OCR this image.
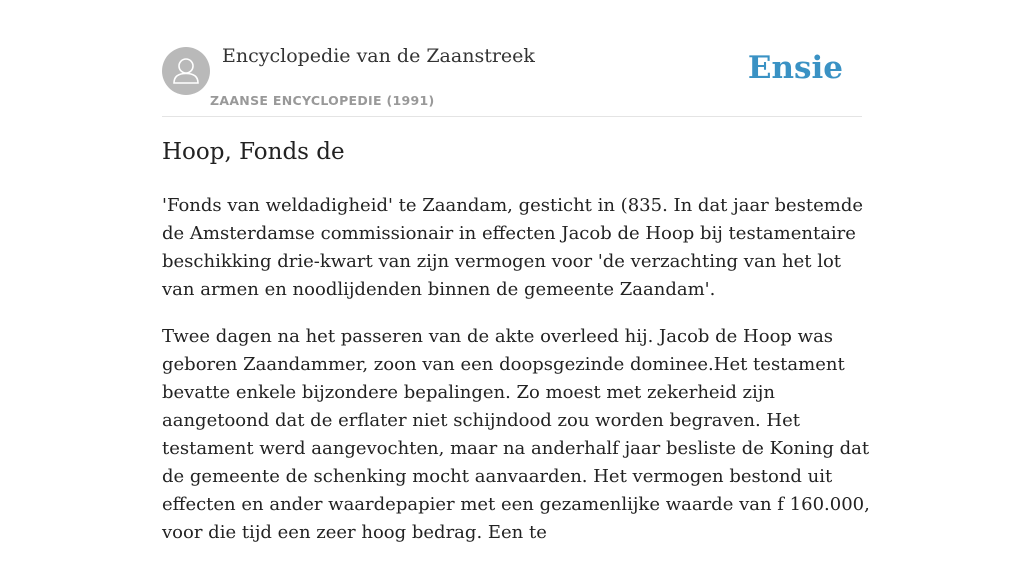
Encyclopedie van de Zaanstreek
ZAANSE ENCYCLOPEDIE (1991)
Ensie
Hoop, Fonds de

'Fonds van weldadigheid' te Zaandam, gesticht in (835. In dat jaar bestemde de Amsterdamse commissionair in effecten Jacob de Hoop bij testamentaire beschikking drie-kwart van zijn vermogen voor 'de verzachting van het lot van armen en noodlijdenden binnen de gemeente Zaandam'.

Twee dagen na het passeren van de akte overleed hij. Jacob de Hoop was geboren Zaandammer, zoon van een doopsgezinde dominee.Het testament bevatte enkele bijzondere bepalingen. Zo moest met zekerheid zijn aangetoond dat de erflater niet schijndood zou worden begraven. Het testament werd aangevochten, maar na anderhalf jaar besliste de Koning dat de gemeente de schenking mocht aanvaarden. Het vermogen bestond uit effecten en ander waardepapier met een gezamenlijke waarde van f 160.000, voor die tijd een zeer hoog bedrag. Een te
